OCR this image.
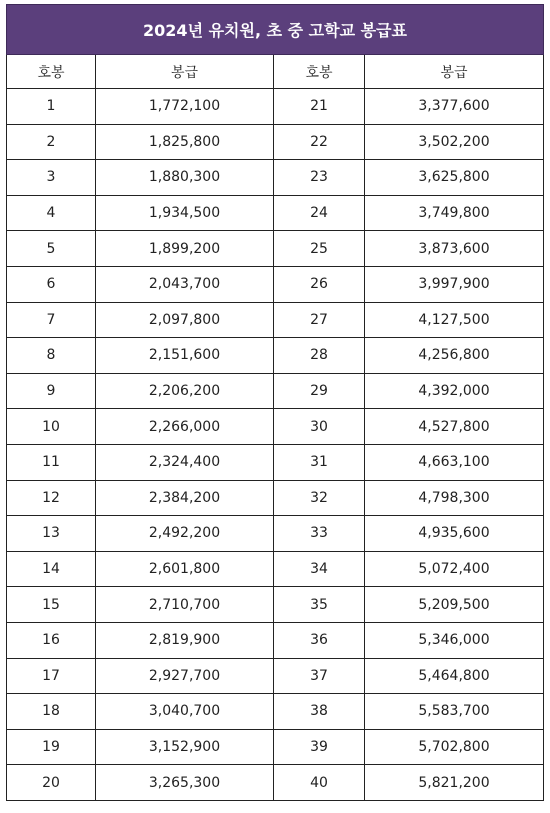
2024년 유치원, 초 중 고학교 봉급표			
호봉	봉급	호봉	봉급
1	1,772,100	21	3,377,600
2	1,825,800	22	3,502,200
3	1,880,300	23	3,625,800
4	1,934,500	24	3,749,800
5	1,899,200	25	3,873,600
6	2,043,700	26	3,997,900
7	2,097,800	27	4,127,500
8	2,151,600	28	4,256,800
9	2,206,200	29	4,392,000
10	2,266,000	30	4,527,800
11	2,324,400	31	4,663,100
12	2,384,200	32	4,798,300
13	2,492,200	33	4,935,600
14	2,601,800	34	5,072,400
15	2,710,700	35	5,209,500
16	2,819,900	36	5,346,000
17	2,927,700	37	5,464,800
18	3,040,700	38	5,583,700
19	3,152,900	39	5,702,800
20	3,265,300	40	5,821,200
